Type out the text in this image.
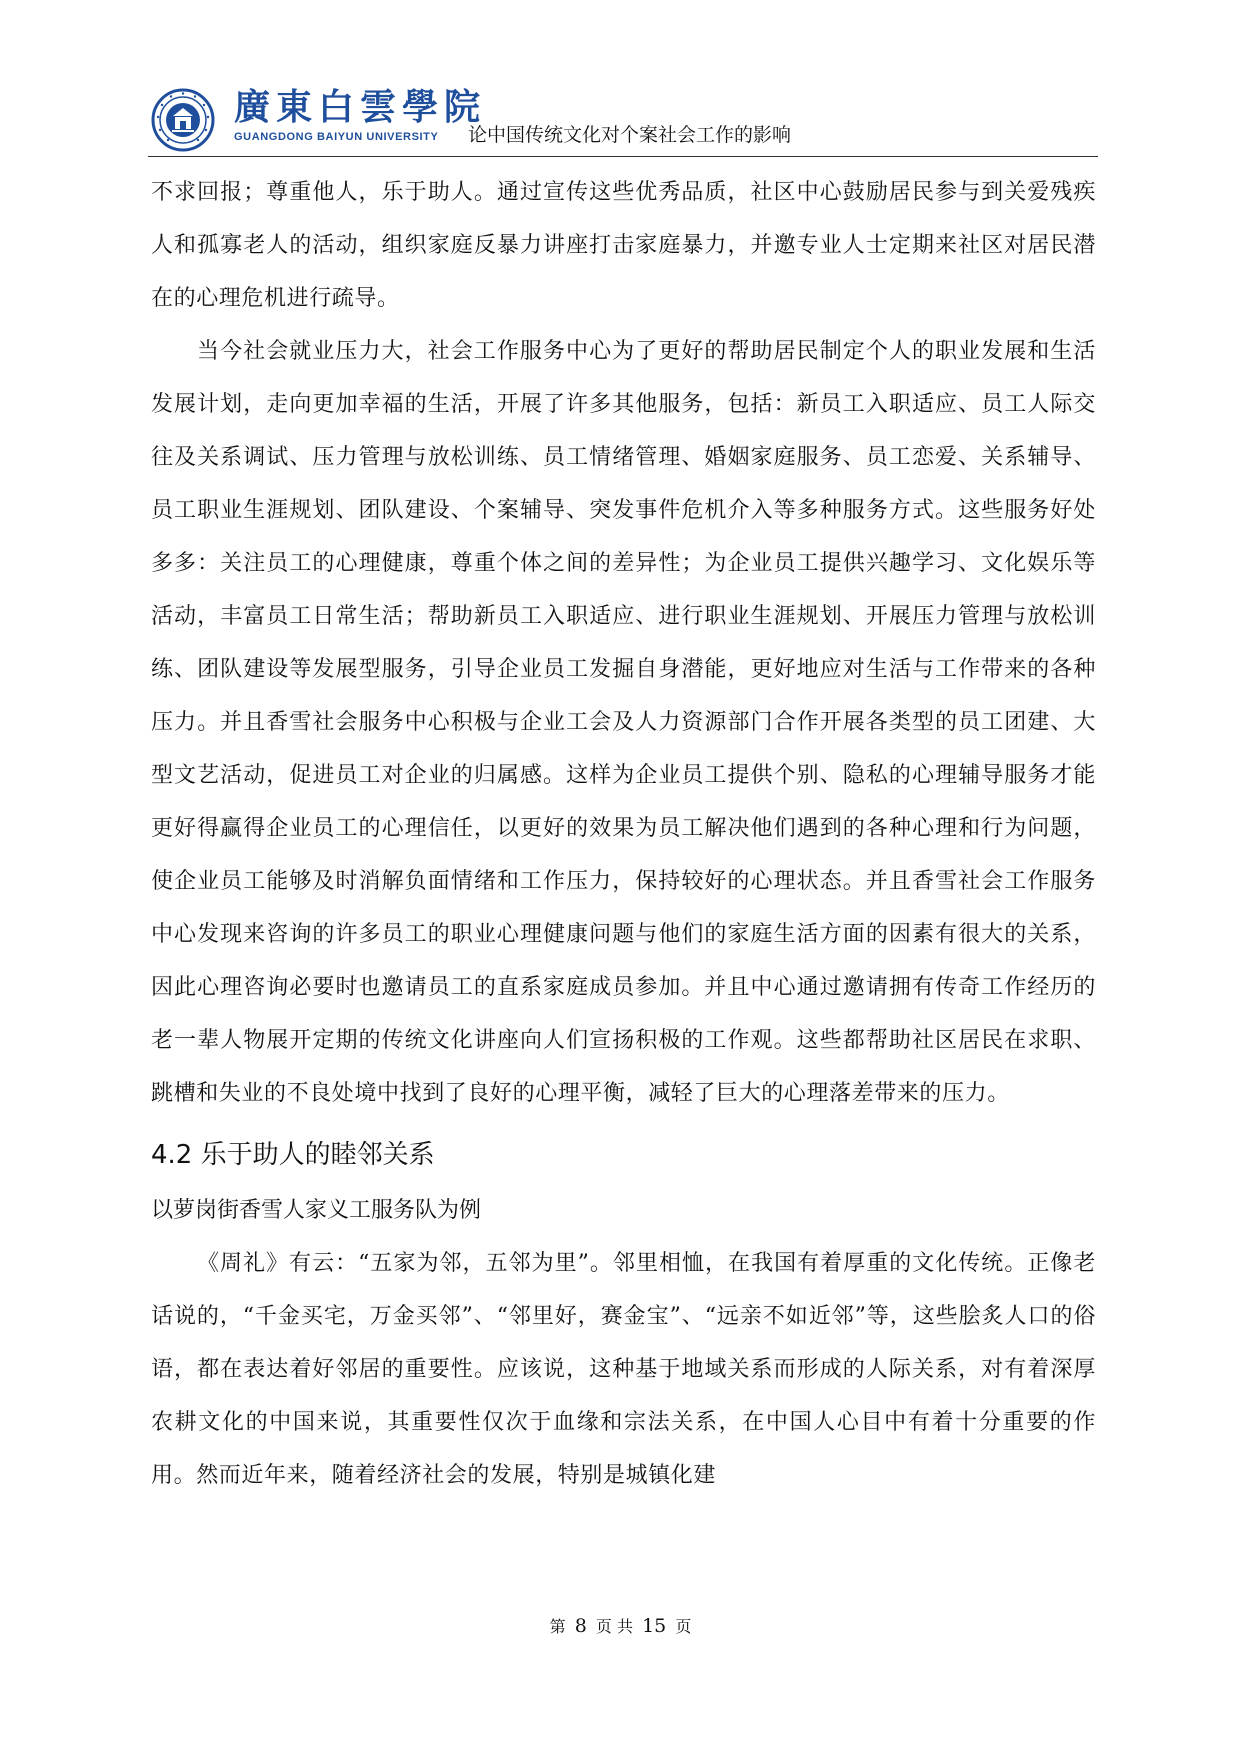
廣東白雲學院
GUANGDONG BAIYUN UNIVERSITY 论中国传统文化对个案社会工作的影响

不求回报；尊重他人，乐于助人。通过宣传这些优秀品质，社区中心鼓励居民参与到关爱残疾人和孤寡老人的活动，组织家庭反暴力讲座打击家庭暴力，并邀专业人士定期来社区对居民潜在的心理危机进行疏导。

当今社会就业压力大，社会工作服务中心为了更好的帮助居民制定个人的职业发展和生活发展计划，走向更加幸福的生活，开展了许多其他服务，包括：新员工入职适应、员工人际交往及关系调试、压力管理与放松训练、员工情绪管理、婚姻家庭服务、员工恋爱、关系辅导、员工职业生涯规划、团队建设、个案辅导、突发事件危机介入等多种服务方式。这些服务好处多多：关注员工的心理健康，尊重个体之间的差异性；为企业员工提供兴趣学习、文化娱乐等活动，丰富员工日常生活；帮助新员工入职适应、进行职业生涯规划、开展压力管理与放松训练、团队建设等发展型服务，引导企业员工发掘自身潜能，更好地应对生活与工作带来的各种压力。并且香雪社会服务中心积极与企业工会及人力资源部门合作开展各类型的员工团建、大型文艺活动，促进员工对企业的归属感。这样为企业员工提供个别、隐私的心理辅导服务才能更好得赢得企业员工的心理信任，以更好的效果为员工解决他们遇到的各种心理和行为问题，使企业员工能够及时消解负面情绪和工作压力，保持较好的心理状态。并且香雪社会工作服务中心发现来咨询的许多员工的职业心理健康问题与他们的家庭生活方面的因素有很大的关系，因此心理咨询必要时也邀请员工的直系家庭成员参加。并且中心通过邀请拥有传奇工作经历的老一辈人物展开定期的传统文化讲座向人们宣扬积极的工作观。这些都帮助社区居民在求职、跳槽和失业的不良处境中找到了良好的心理平衡，减轻了巨大的心理落差带来的压力。

4.2 乐于助人的睦邻关系

以萝岗街香雪人家义工服务队为例

《周礼》有云：“五家为邻，五邻为里”。邻里相恤，在我国有着厚重的文化传统。正像老话说的，“千金买宅，万金买邻”、“邻里好，赛金宝”、“远亲不如近邻”等，这些脍炙人口的俗语，都在表达着好邻居的重要性。应该说，这种基于地域关系而形成的人际关系，对有着深厚农耕文化的中国来说，其重要性仅次于血缘和宗法关系，在中国人心目中有着十分重要的作用。然而近年来，随着经济社会的发展，特别是城镇化建

第 8 页 共 15 页
